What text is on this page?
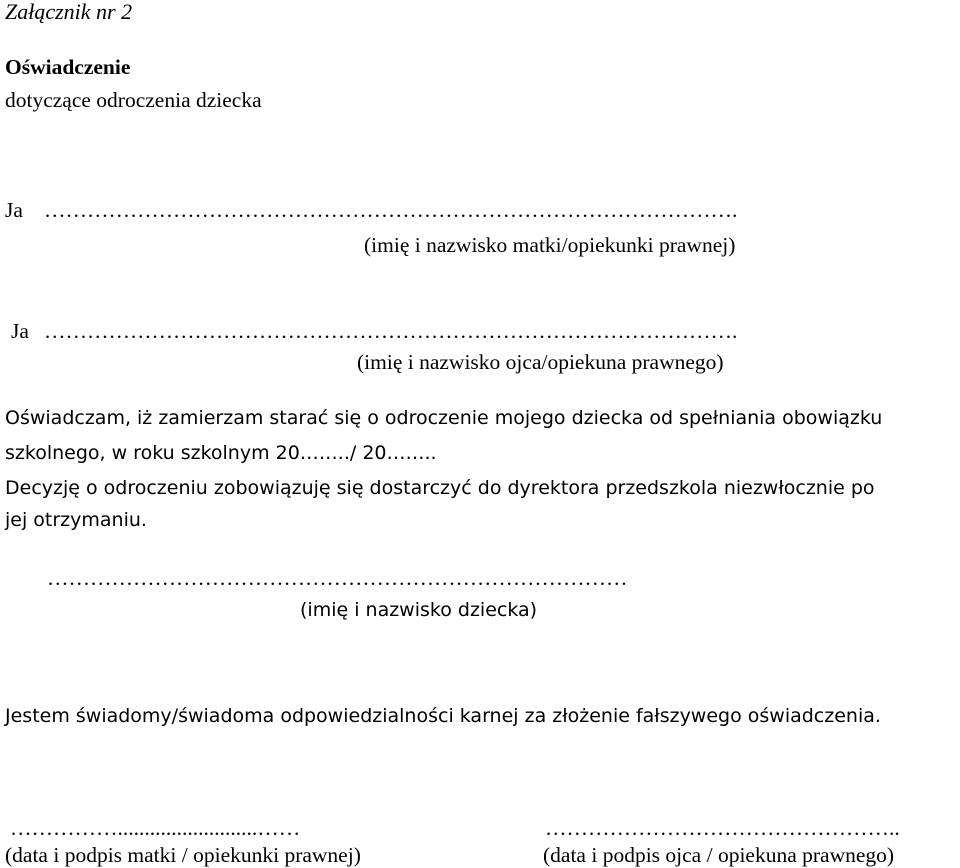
Załącznik nr 2
Oświadczenie
dotyczące odroczenia dziecka
Ja …………………………………………………………………………………….
(imię i nazwisko matki/opiekunki prawnej)
Ja …………………………………………………………………………………….
(imię i nazwisko ojca/opiekuna prawnego)
Oświadczam, iż zamierzam starać się o odroczenie mojego dziecka od spełniania obowiązku
szkolnego, w roku szkolnym 20……../ 20……..
Decyzję o odroczeniu zobowiązuję się dostarczyć do dyrektora przedszkola niezwłocznie po
jej otrzymaniu.
………………………………………………………………………
(imię i nazwisko dziecka)
Jestem świadomy/świadoma odpowiedzialności karnej za złożenie fałszywego oświadczenia.
……………..........................……
(data i podpis matki / opiekunki prawnej)
…………………………………………..
(data i podpis ojca / opiekuna prawnego)
